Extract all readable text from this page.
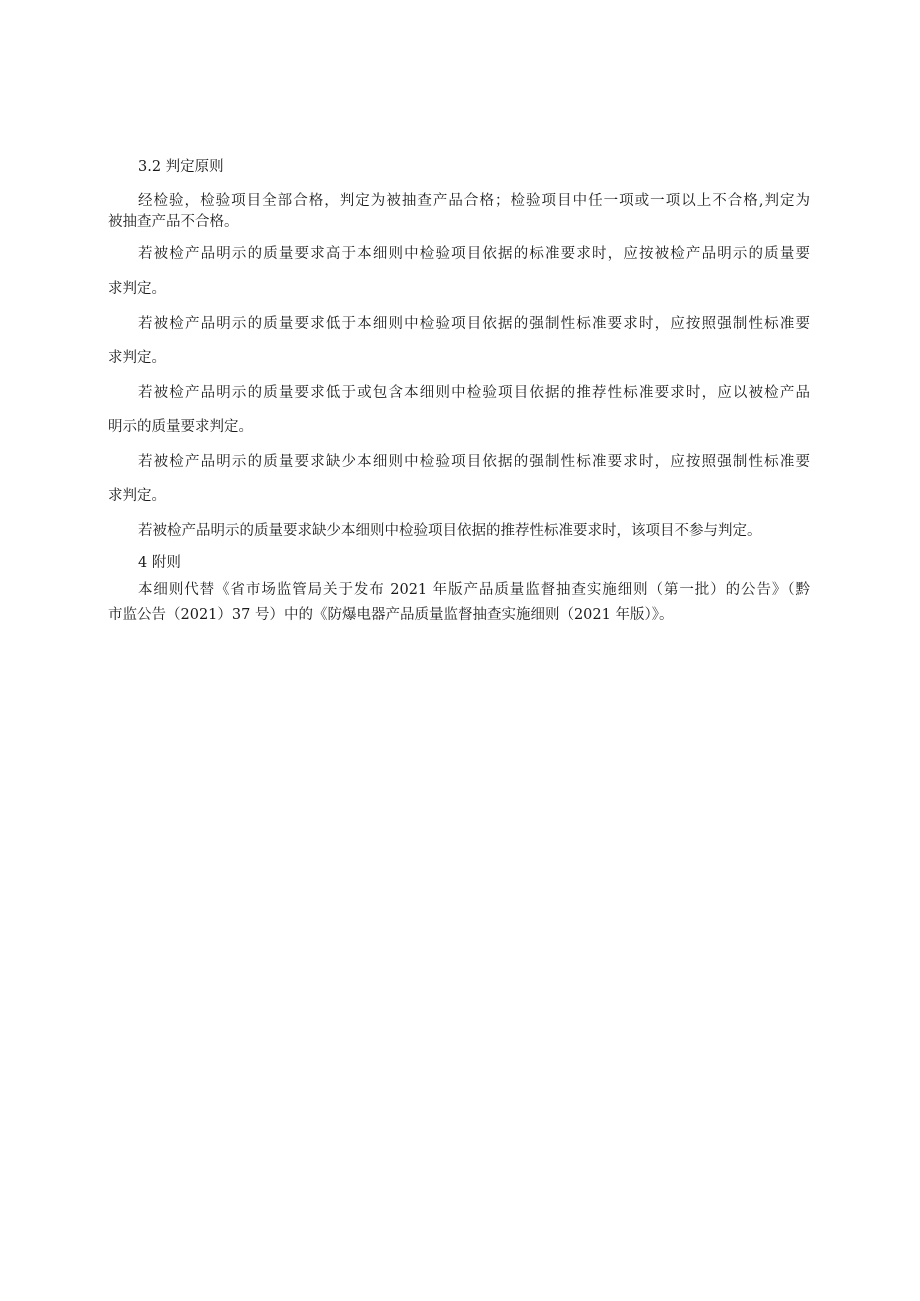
3.2 判定原则
经检验，检验项目全部合格，判定为被抽查产品合格；检验项目中任一项或一项以上不合格,判定为
被抽查产品不合格。
若被检产品明示的质量要求高于本细则中检验项目依据的标准要求时，应按被检产品明示的质量要
求判定。
若被检产品明示的质量要求低于本细则中检验项目依据的强制性标准要求时，应按照强制性标准要
求判定。
若被检产品明示的质量要求低于或包含本细则中检验项目依据的推荐性标准要求时，应以被检产品
明示的质量要求判定。
若被检产品明示的质量要求缺少本细则中检验项目依据的强制性标准要求时，应按照强制性标准要
求判定。
若被检产品明示的质量要求缺少本细则中检验项目依据的推荐性标准要求时，该项目不参与判定。
4 附则
本细则代替《省市场监管局关于发布 2021 年版产品质量监督抽查实施细则（第一批）的公告》（黔
市监公告（2021）37 号）中的《防爆电器产品质量监督抽查实施细则（2021 年版）》。
